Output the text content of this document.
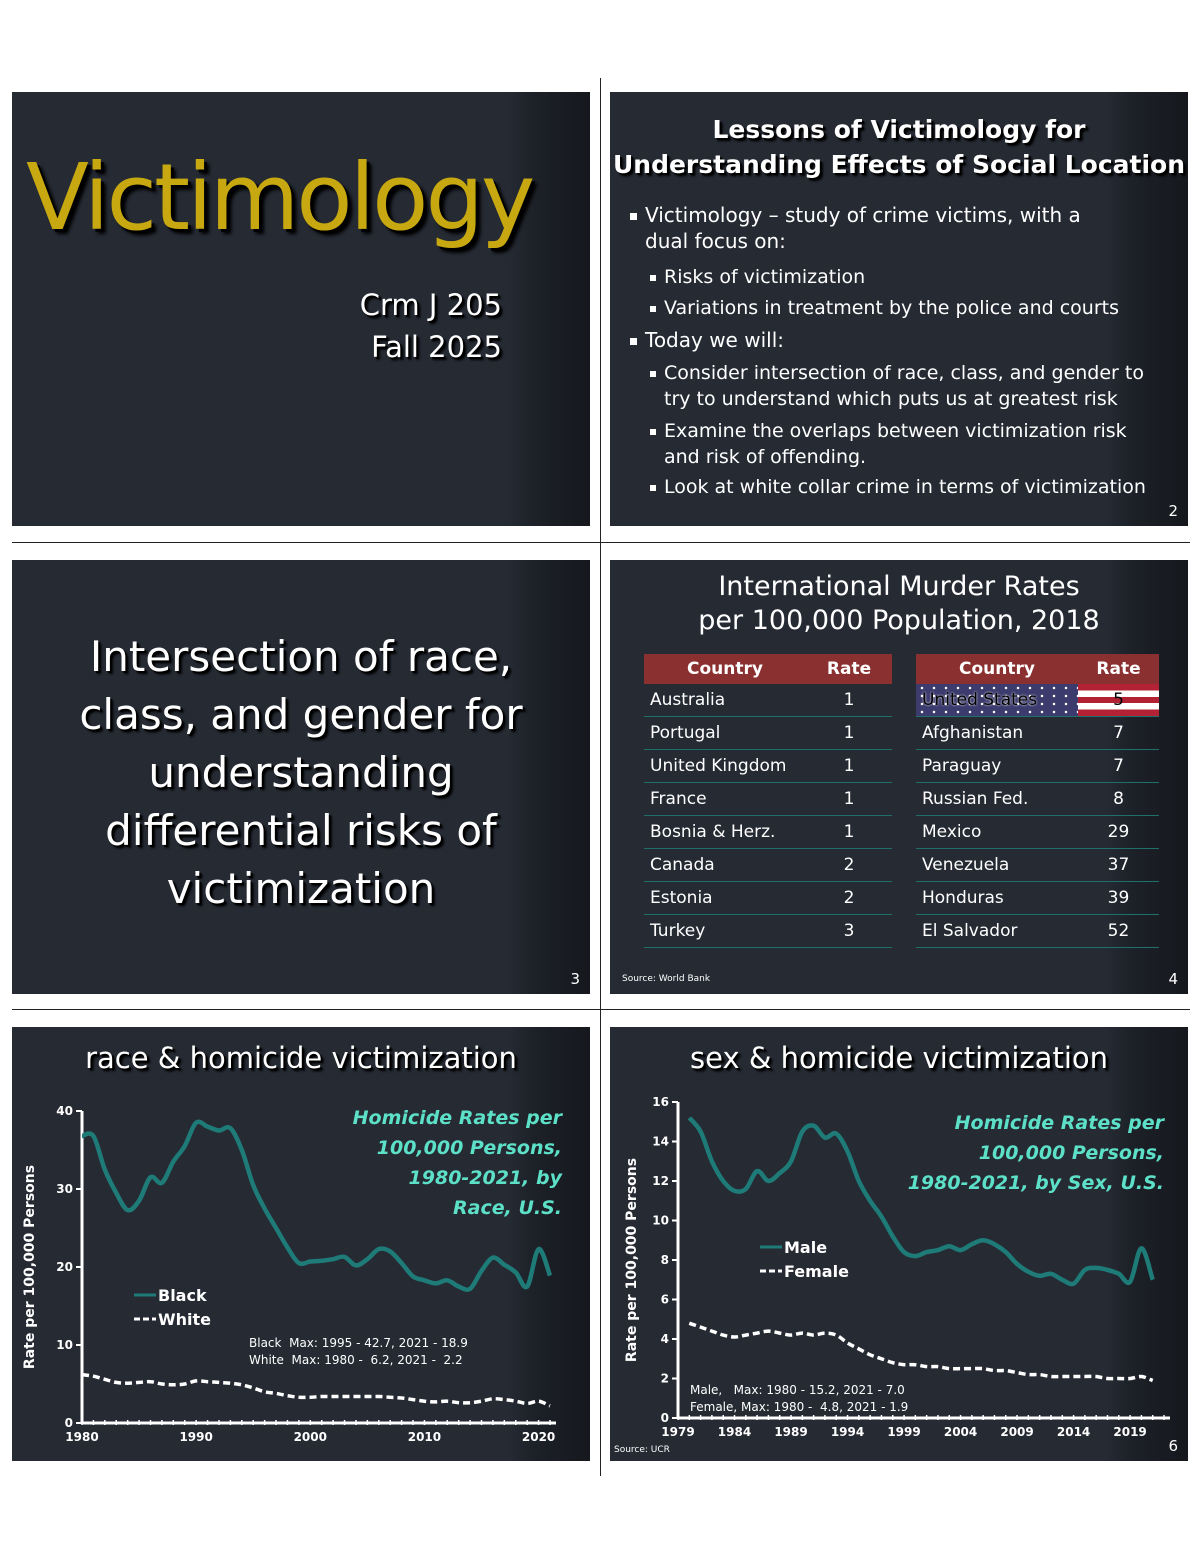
Victimology
Crm J 205
Fall 2025
Lessons of Victimology for
Understanding Effects of Social Location
Victimology – study of crime victims, with a
dual focus on:
Risks of victimization
Variations in treatment by the police and courts
Today we will:
Consider intersection of race, class, and gender to
try to understand which puts us at greatest risk
Examine the overlaps between victimization risk
and risk of offending.
Look at white collar crime in terms of victimization
2
Intersection of race,
class, and gender for
understanding
differential risks of
victimization
3
International Murder Rates
per 100,000 Population, 2018
Country	Rate
Australia	1
Portugal	1
United Kingdom	1
France	1
Bosnia & Herz.	1
Canada	2
Estonia	2
Turkey	3
Country	Rate
United States	5
Afghanistan	7
Paraguay	7
Russian Fed.	8
Mexico	29
Venezuela	37
Honduras	39
El Salvador	52
Source: World Bank	4
race & homicide victimization
0
10
20
30
40
1980	1990	2000	2010	2020
Rate per 100,000 Persons	Black
White
Homicide Rates per
100,000 Persons,
1980-2021, by
Race, U.S.
Black  Max: 1995 - 42.7, 2021 - 18.9
White  Max: 1980 -  6.2, 2021 -  2.2
sex & homicide victimization
0
2
4
6
8
10
12
14
16
1979 1984 1989 1994 1999 2004 2009 2014 2019
Rate per 100,000 Persons	Male
Female
Homicide Rates per
100,000 Persons,
1980-2021, by Sex, U.S.
Male,   Max: 1980 - 15.2, 2021 - 7.0
Female, Max: 1980 -  4.8, 2021 - 1.9
Source: UCR	6
